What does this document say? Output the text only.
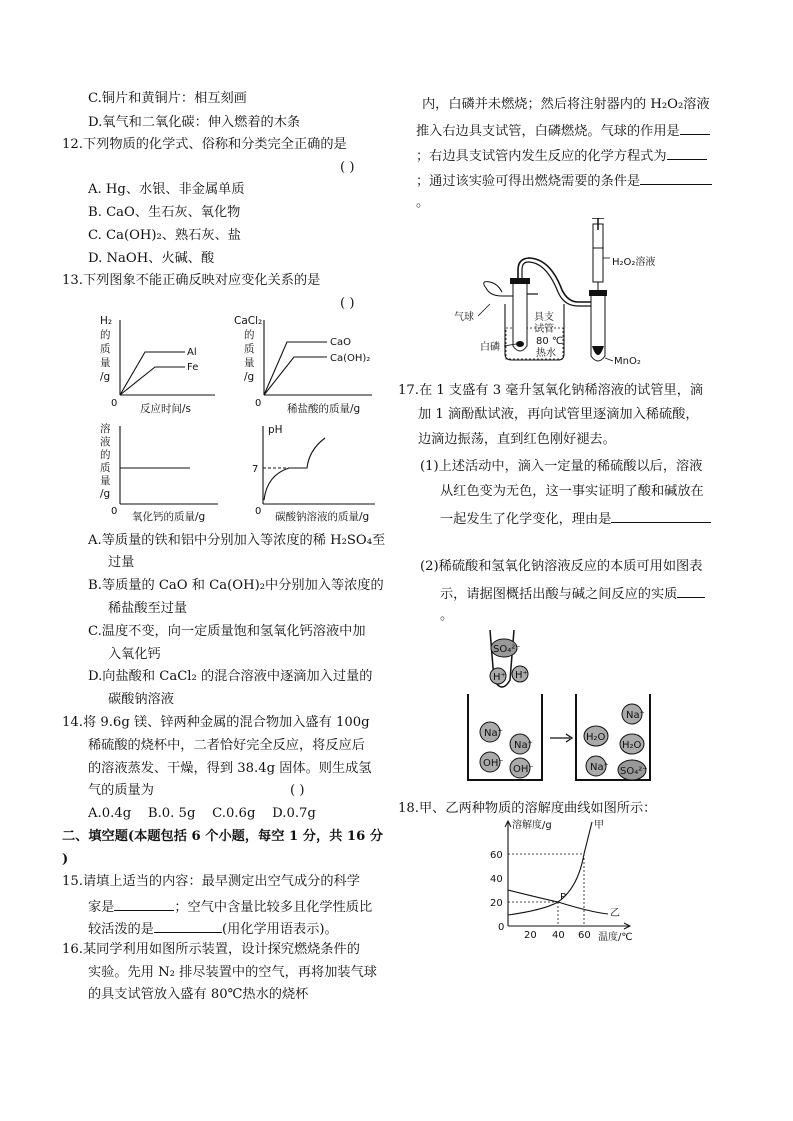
C.铜片和黄铜片：相互刻画
D.氧气和二氧化碳：伸入燃着的木条
12.下列物质的化学式、俗称和分类完全正确的是
( )
A. Hg、水银、非金属单质
B. CaO、生石灰、氧化物
C. Ca(OH)₂、熟石灰、盐
D. NaOH、火碱、酸
13.下列图象不能正确反映对应变化关系的是
( )
H₂
的
质
量
/g
Al
Fe
0 反应时间/s
CaCl₂
的
质
量
/g
CaO
Ca(OH)₂
0 稀盐酸的质量/g
溶
液
的
质
量
/g
0 氧化钙的质量/g
pH
7
0 碳酸钠溶液的质量/g
A.等质量的铁和铝中分别加入等浓度的稀 H₂SO₄至
过量
B.等质量的 CaO 和 Ca(OH)₂中分别加入等浓度的
稀盐酸至过量
C.温度不变，向一定质量饱和氢氧化钙溶液中加
入氧化钙
D.向盐酸和 CaCl₂ 的混合溶液中逐滴加入过量的
碳酸钠溶液
14.将 9.6g 镁、锌两种金属的混合物加入盛有 100g
稀硫酸的烧杯中，二者恰好完全反应，将反应后
的溶液蒸发、干燥，得到 38.4g 固体。则生成氢
气的质量为	( )
A.0.4g    B.0. 5g    C.0.6g    D.0.7g
二、填空题(本题包括 6 个小题，每空 1 分，共 16 分
)
15.请填上适当的内容：最早测定出空气成分的科学
家是	；空气中含量比较多且化学性质比
较活泼的是	(用化学用语表示)。
16.某同学利用如图所示装置，设计探究燃烧条件的
实验。先用 N₂ 排尽装置中的空气，再将加装气球
的具支试管放入盛有 80℃热水的烧杯
内，白磷并未燃烧；然后将注射器内的 H₂O₂溶液
推入右边具支试管，白磷燃烧。气球的作用是
；右边具支试管内发生反应的化学方程式为
；通过该实验可得出燃烧需要的条件是
。
H₂O₂溶液
MnO₂
气球	具支
试管
80 ℃
热水
白磷
17.在 1 支盛有 3 毫升氢氧化钠稀溶液的试管里，滴
加 1 滴酚酞试液，再向试管里逐滴加入稀硫酸，
边滴边振荡，直到红色刚好褪去。
(1)上述活动中，滴入一定量的稀硫酸以后，溶液
从红色变为无色，这一事实证明了酸和碱放在
一起发生了化学变化，理由是
(2)稀硫酸和氢氧化钠溶液反应的本质可用如图表
示，请据图概括出酸与碱之间反应的实质
。
SO₄²⁻
H⁺ H⁺
Na⁺
Na⁺
OH⁻
OH⁻
Na⁺
H₂O
H₂O
Na⁺ SO₄²⁻
18.甲、乙两种物质的溶解度曲线如图所示：
溶解度/g
温度/℃
60
40
20
0
20 40 60
甲
乙
P
